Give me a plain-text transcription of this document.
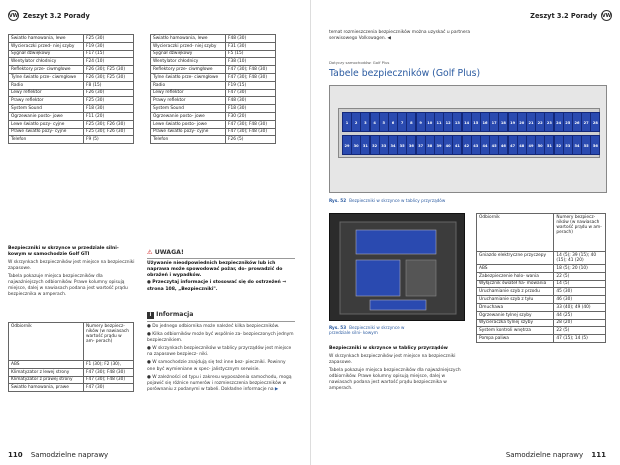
VW Zeszyt 3.2 Porady
Światło hamowania, lewe	F25 (30)
Wycieraczki przed- niej szyby	F19 (30)
Sygnał dźwiękowy	F17 (15)
Wentylator chłodnicy	F24 (10)
Reflektory prze- ciwmgłowe	F26 (30); F25 (30)
Tylne światło prze- ciwmgłowe	F26 (30); F25 (30)
Radio	F8 (15)
Lewy reflektor	F26 (30)
Prawy reflektor	F25 (30)
System Sound	F18 (30)
Ogrzewanie posto- jowe	F11 (20)
Lewe światło pozy- cyjne	F25 (30); F26 (30)
Prawe światło pozy- cyjne	F25 (30); F26 (30)
Telefon	F9 (5)
Światło hamowania, lewe	F48 (30)
Wycieraczki przed- niej szyby	F31 (30)
Sygnał dźwiękowy	F5 (15)
Wentylator chłodnicy	F38 (10)
Reflektory prze- ciwmgłowe	F47 (30); F48 (30)
Tylne światło prze- ciwmgłowe	F47 (30); F48 (30)
Radio	F19 (15)
Lewy reflektor	F47 (30)
Prawy reflektor	F48 (30)
System Sound	F18 (30)
Ogrzewanie posto- jowe	F30 (20)
Lewe światło posto- jowe	F47 (30); F48 (30)
Prawe światło pozy- cyjne	F47 (30); F48 (30)
Telefon	F26 (5)

Bezpieczniki w skrzynce w przedziale silni- kowym w samochodzie Golf GTI

W skrzynkach bezpieczników jest miejsce na bezpieczniki zapasowe.

Tabela pokazuje miejsca bezpieczników dla najważniejszych odbiorników. Prawe kolumny opisują miejsce, dalej w nawiasach podana jest wartość prądu bezpiecznika w amperach.

Odbiornik	Numery bezpiecz- ników (w nawiasach wartość prądu w am- perach)
ABS	F1 (30); F2 (30),
Klimatyzator z lewej strony	F47 (30); F48 (30)
Klimatyzator z prawej strony	F47 (30); F48 (30)
Światło hamowania, prawe	F47 (30)
⚠ UWAGA!

Używanie nieodpowiednich bezpieczników lub ich naprawa może spowodować pożar, do- prowadzić do obrażeń i wypadków.

● Przeczytaj informacje i stosować się do ostrzeżeń ⇒ strona 108, „Bezpieczniki".

i Informacja

● Do jednego odbiornika może należeć kilka bezpieczników.

● Kilka odbiorników może być wspólnie za- bezpieczonych jednym bezpiecznikiem.

● W skrzynkach bezpieczników w tablicy przyrządów jest miejsce na zapasowe bezpiecz- niki.

● W samochodzie znajdują się też inne bez- pieczniki. Powinny one być wymieniane w spec- jalistycznym serwisie.

● W zależności od typu i zakresu wyposażenia samochodu, mogą pojawić się różnice numerów i rozmieszczenia bezpieczników w porównaniu z podanymi w tabeli. Dokładne informacje na ▶

110 Samodzielne naprawy
Zeszyt 3.2 Porady VW

temat rozmieszczenia bezpieczników można uzyskać u partnera serwisowego Volkswagen. ◀

Dotyczy samochodów: Golf Plus
Tabele bezpieczników (Golf Plus)
1	2	3	4	5	6	7	8	9	10	11	12	13	14	15	16	17	18	19	20	21	22	23	24	25	26	27	28
29	30	31	32	33	34	35	36	37	38	39	40	41	42	43	44	45	46	47	48	49	50	51	52	53	54	55	56
Rys. 52 Bezpieczniki w skrzynce w tablicy przyrządów
Rys. 53 Bezpieczniki w skrzynce w przedziale silni- kowym

Bezpieczniki w skrzynce w tablicy przyrządów

W skrzynkach bezpieczników jest miejsce na bezpieczniki zapasowe.

Tabela pokazuje miejsca bezpieczników dla najważniejszych odbiorników. Prawe kolumny opisują miejsce, dalej w nawiasach podana jest wartość prądu bezpiecznika w amperach.

Odbiornik	Numery bezpiecz- ników (w nawiasach wartość prądu w am- perach)
Gniazdo elektryczne przyczepy	14 (5); 39 (15); 40 (15); 41 (20)
ABS	18 (5); 20 (10)
Zabezpieczenie holo- wania	22 (5)
Wyłącznik świateł ha- mowania	14 (5)
Uruchamianie szyb z przodu	45 (30)
Uruchamianie szyb z tyłu	46 (30)
Dmuchawa	33 (40); 49 (40)
Ogrzewanie tylnej szyby	44 (25)
Wycieraczka tylnej szyby	28 (20)
System kontroli wnętrza	22 (5)
Pompa paliwa	47 (15); 14 (5)
Samodzielne naprawy 111
